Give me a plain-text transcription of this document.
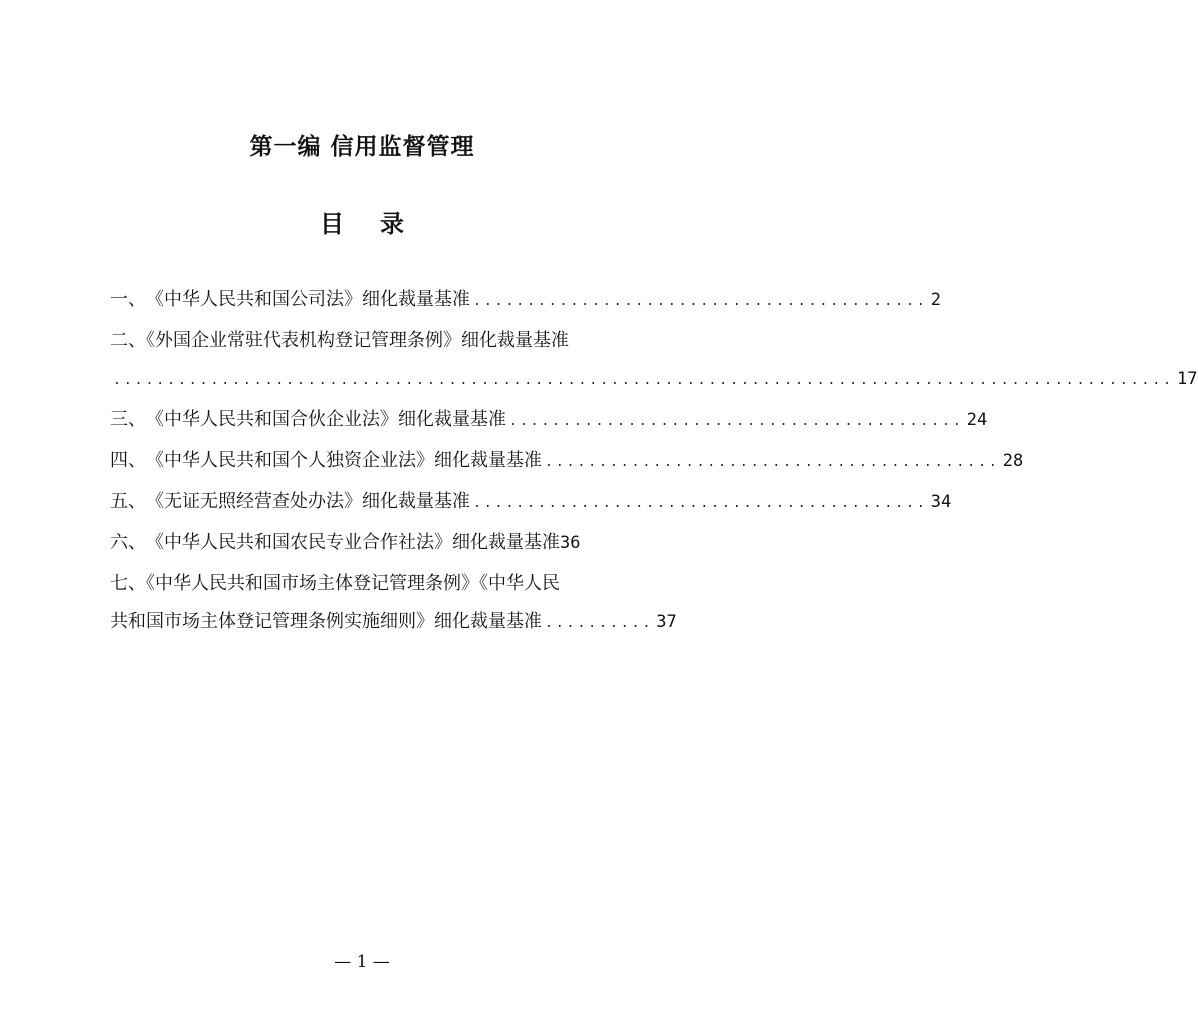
第一编 信用监督管理
目录
一、 《中华人民共和国公司法》细化裁量基准 .......................................... 2
二、《外国企业常驻代表机构登记管理条例》细化裁量基准
.................................................................................................. 17
三、 《中华人民共和国合伙企业法》细化裁量基准 .......................................... 24
四、 《中华人民共和国个人独资企业法》细化裁量基准 .......................................... 28
五、 《无证无照经营查处办法》细化裁量基准 .......................................... 34
六、 《中华人民共和国农民专业合作社法》细化裁量基准 36
七、《中华人民共和国市场主体登记管理条例》《中华人民
共和国市场主体登记管理条例实施细则》细化裁量基准 .......... 37
— 1 —
